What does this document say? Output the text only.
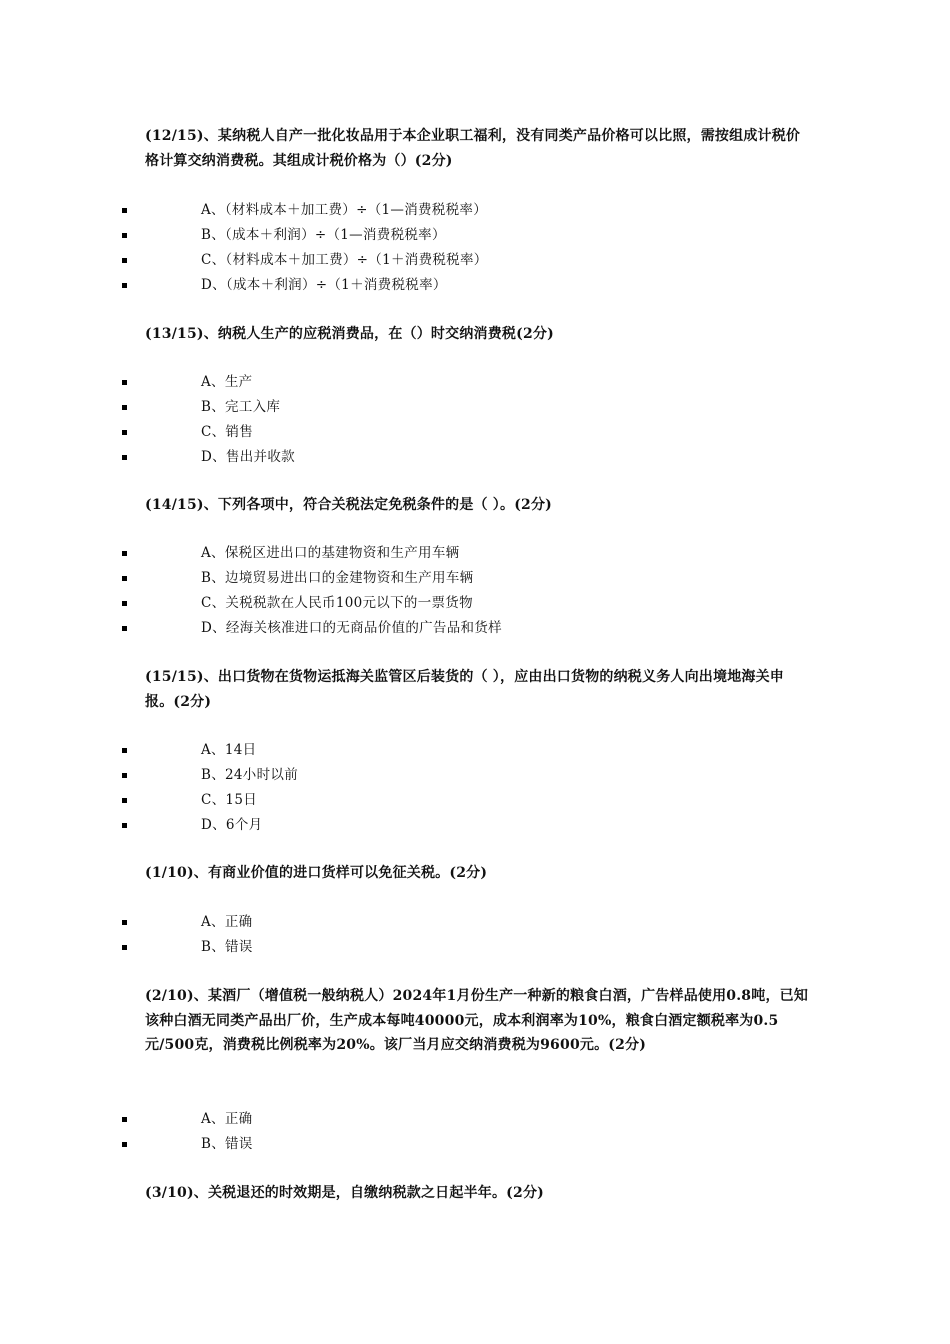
(12/15)、某纳税人自产一批化妆品用于本企业职工福利，没有同类产品价格可以比照，需按组成计税价格计算交纳消费税。其组成计税价格为（）(2分)
A、（材料成本＋加工费）÷（1—消费税税率）
B、（成本＋利润）÷（1—消费税税率）
C、（材料成本＋加工费）÷（1＋消费税税率）
D、（成本＋利润）÷（1＋消费税税率）
(13/15)、纳税人生产的应税消费品，在（）时交纳消费税(2分)
A、生产
B、完工入库
C、销售
D、售出并收款
(14/15)、下列各项中，符合关税法定免税条件的是（ ）。(2分)
A、保税区进出口的基建物资和生产用车辆
B、边境贸易进出口的金建物资和生产用车辆
C、关税税款在人民币100元以下的一票货物
D、经海关核准进口的无商品价值的广告品和货样
(15/15)、出口货物在货物运抵海关监管区后装货的（ ），应由出口货物的纳税义务人向出境地海关申报。(2分)
A、14日
B、24小时以前
C、15日
D、6个月
(1/10)、有商业价值的进口货样可以免征关税。(2分)
A、正确
B、错误
(2/10)、某酒厂（增值税一般纳税人）2024年1月份生产一种新的粮食白酒，广告样品使用0.8吨，已知该种白酒无同类产品出厂价，生产成本每吨40000元，成本利润率为10%，粮食白酒定额税率为0.5元/500克，消费税比例税率为20%。该厂当月应交纳消费税为9600元。(2分)
A、正确
B、错误
(3/10)、关税退还的时效期是，自缴纳税款之日起半年。(2分)
